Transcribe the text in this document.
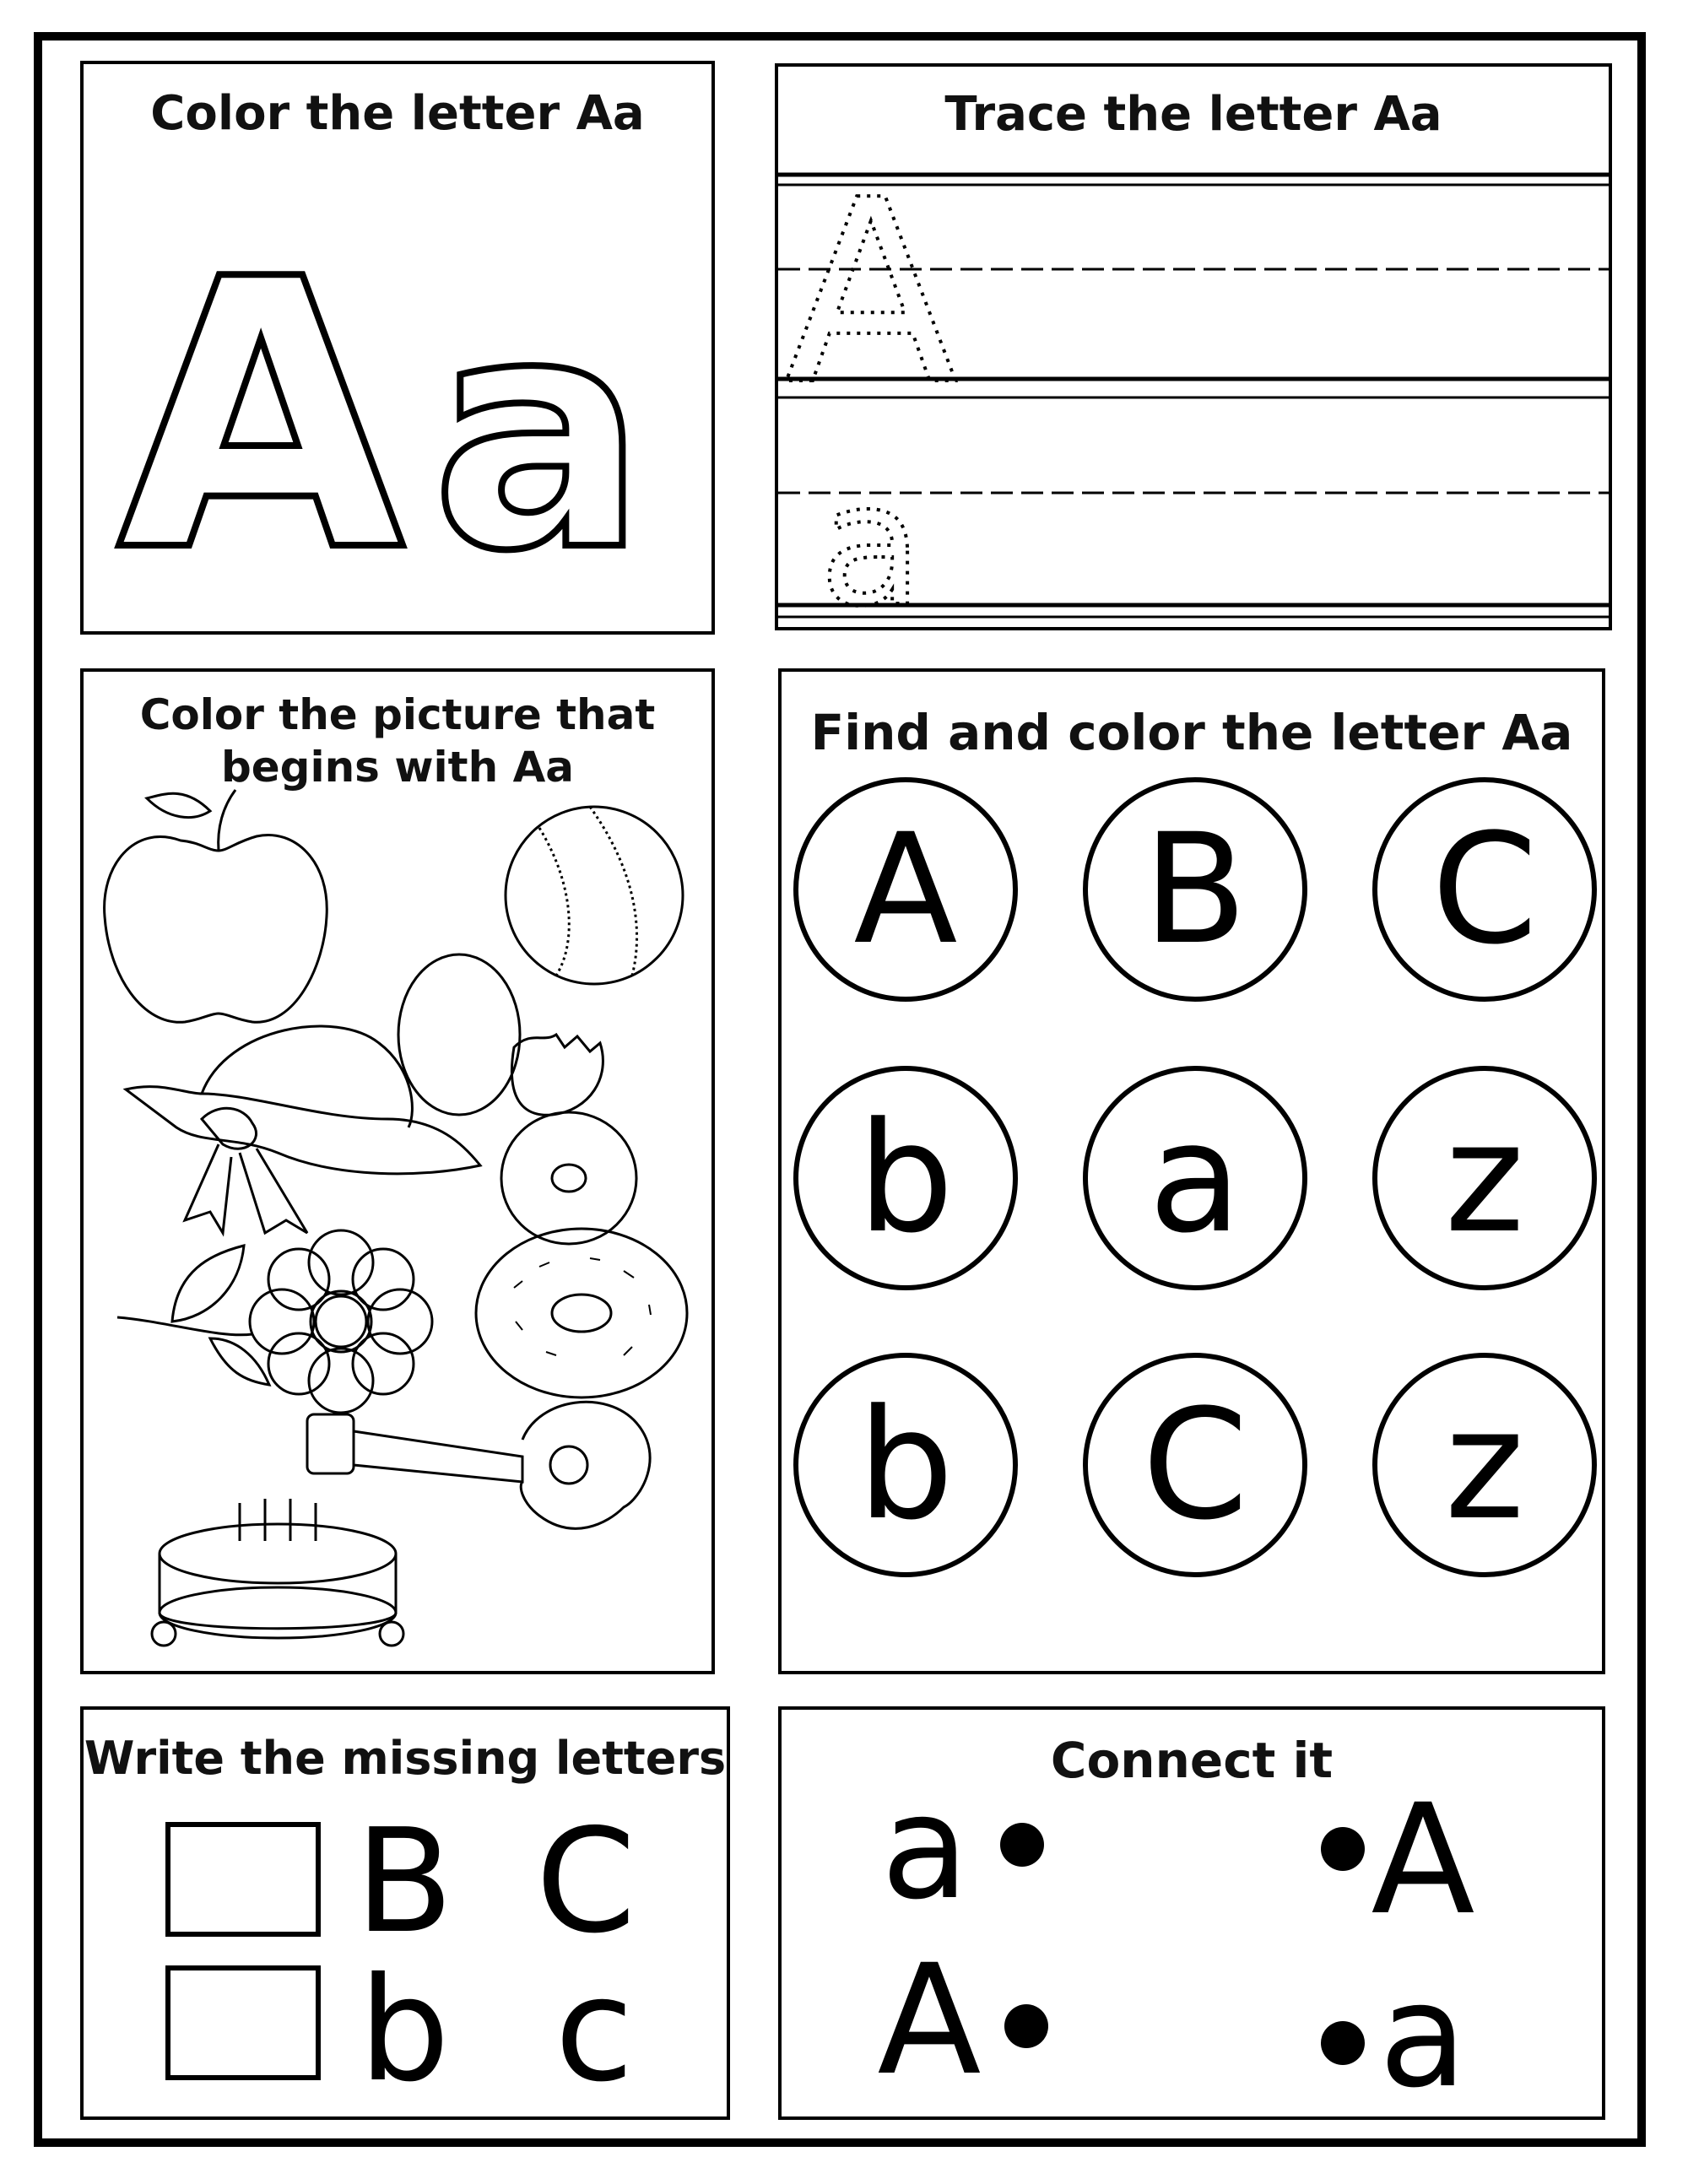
Color the letter Aa
A a
Trace the letter Aa
A
a
Color the picture that
begins with Aa
Find and color the letter Aa
A B C
b a z
b C z
Write the missing letters
B C
b c
Connect it
a
A
A
a
